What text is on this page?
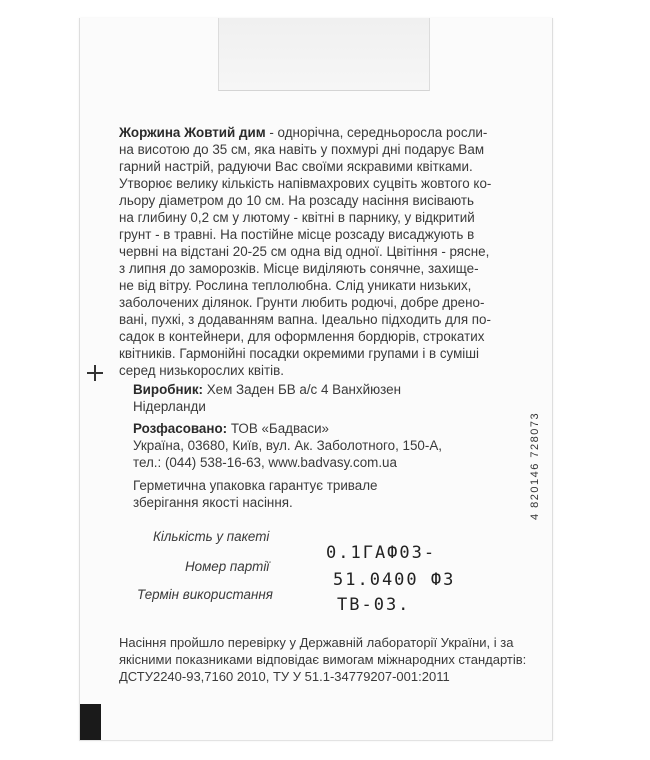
Жоржина Жовтий дим - однорічна, середньоросла росли-
на висотою до 35 см, яка навіть у похмурі дні подарує Вам
гарний настрій, радуючи Вас своїми яскравими квітками.
Утворює велику кількість напівмахрових суцвіть жовтого ко-
льору діаметром до 10 см. На розсаду насіння висівають
на глибину 0,2 см у лютому - квітні в парнику, у відкритий
грунт - в травні. На постійне місце розсаду висаджують в
червні на відстані 20-25 см одна від одної. Цвітіння - рясне,
з липня до заморозків. Місце виділяють сонячне, захище-
не від вітру. Рослина теплолюбна. Слід уникати низьких,
заболочених ділянок. Грунти любить родючі, добре дрено-
вані, пухкі, з додаванням вапна. Ідеально підходить для по-
садок в контейнери, для оформлення бордюрів, строкатих
квітників. Гармонійні посадки окремими групами і в суміші
серед низькорослих квітів.
Виробник: Хем Заден БВ а/с 4 Ванхйюзен
Нідерланди
Розфасовано: ТОВ «Бадваси»
Україна, 03680, Київ, вул. Ак. Заболотного, 150-А,
тел.: (044) 538-16-63, www.badvasy.com.ua
Герметична упаковка гарантує тривале
зберігання якості насіння.
Кількість у пакеті
Номер партії
Термін використання
0.1ГАФ03-
51.0400 Ф3
ТВ-03.
Насіння пройшло перевірку у Державній лабораторії України, і за
якісними показниками відповідає вимогам міжнародних стандартів:
ДСТУ2240-93,7160 2010, ТУ У 51.1-34779207-001:2011
4 820146 728073
